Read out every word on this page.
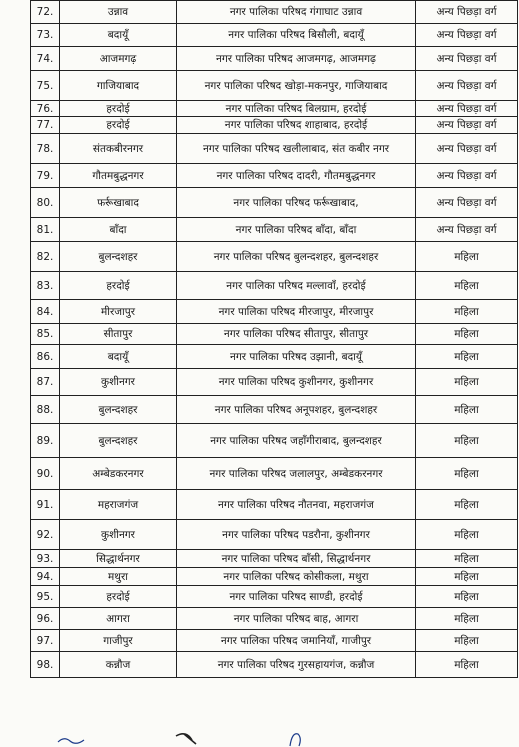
72.	उन्नाव	नगर पालिका परिषद गंगाघाट उन्नाव	अन्य पिछड़ा वर्ग
73.	बदायूँ	नगर पालिका परिषद बिसौली, बदायूँ	अन्य पिछड़ा वर्ग
74.	आजमगढ़	नगर पालिका परिषद आजमगढ़, आजमगढ़	अन्य पिछड़ा वर्ग
75.	गाजियाबाद	नगर पालिका परिषद खोड़ा-मकनपुर, गाजियाबाद	अन्य पिछड़ा वर्ग
76.	हरदोई	नगर पालिका परिषद बिलग्राम, हरदोई	अन्य पिछड़ा वर्ग
77.	हरदोई	नगर पालिका परिषद शाहाबाद, हरदोई	अन्य पिछड़ा वर्ग
78.	संतकबीरनगर	नगर पालिका परिषद खलीलाबाद, संत कबीर नगर	अन्य पिछड़ा वर्ग
79.	गौतमबुद्धनगर	नगर पालिका परिषद दादरी, गौतमबुद्धनगर	अन्य पिछड़ा वर्ग
80.	फर्रूखाबाद	नगर पालिका परिषद फर्रूखाबाद,	अन्य पिछड़ा वर्ग
81.	बाँदा	नगर पालिका परिषद बाँदा, बाँदा	अन्य पिछड़ा वर्ग
82.	बुलन्दशहर	नगर पालिका परिषद बुलन्दशहर, बुलन्दशहर	महिला
83.	हरदोई	नगर पालिका परिषद मल्लावाँ, हरदोई	महिला
84.	मीरजापुर	नगर पालिका परिषद मीरजापुर, मीरजापुर	महिला
85.	सीतापुर	नगर पालिका परिषद सीतापुर, सीतापुर	महिला
86.	बदायूँ	नगर पालिका परिषद उझानी, बदायूँ	महिला
87.	कुशीनगर	नगर पालिका परिषद कुशीनगर, कुशीनगर	महिला
88.	बुलन्दशहर	नगर पालिका परिषद अनूपशहर, बुलन्दशहर	महिला
89.	बुलन्दशहर	नगर पालिका परिषद जहाँगीराबाद, बुलन्दशहर	महिला
90.	अम्बेडकरनगर	नगर पालिका परिषद जलालपुर, अम्बेडकरनगर	महिला
91.	महराजगंज	नगर पालिका परिषद नौतनवा, महराजगंज	महिला
92.	कुशीनगर	नगर पालिका परिषद पडरौना, कुशीनगर	महिला
93.	सिद्धार्थनगर	नगर पालिका परिषद बाँसी, सिद्धार्थनगर	महिला
94.	मथुरा	नगर पालिका परिषद कोसीकला, मथुरा	महिला
95.	हरदोई	नगर पालिका परिषद साण्डी, हरदोई	महिला
96.	आगरा	नगर पालिका परिषद बाह, आगरा	महिला
97.	गाजीपुर	नगर पालिका परिषद जमानियाँ, गाजीपुर	महिला
98.	कन्नौज	नगर पालिका परिषद गुरसहायगंज, कन्नौज	महिला
